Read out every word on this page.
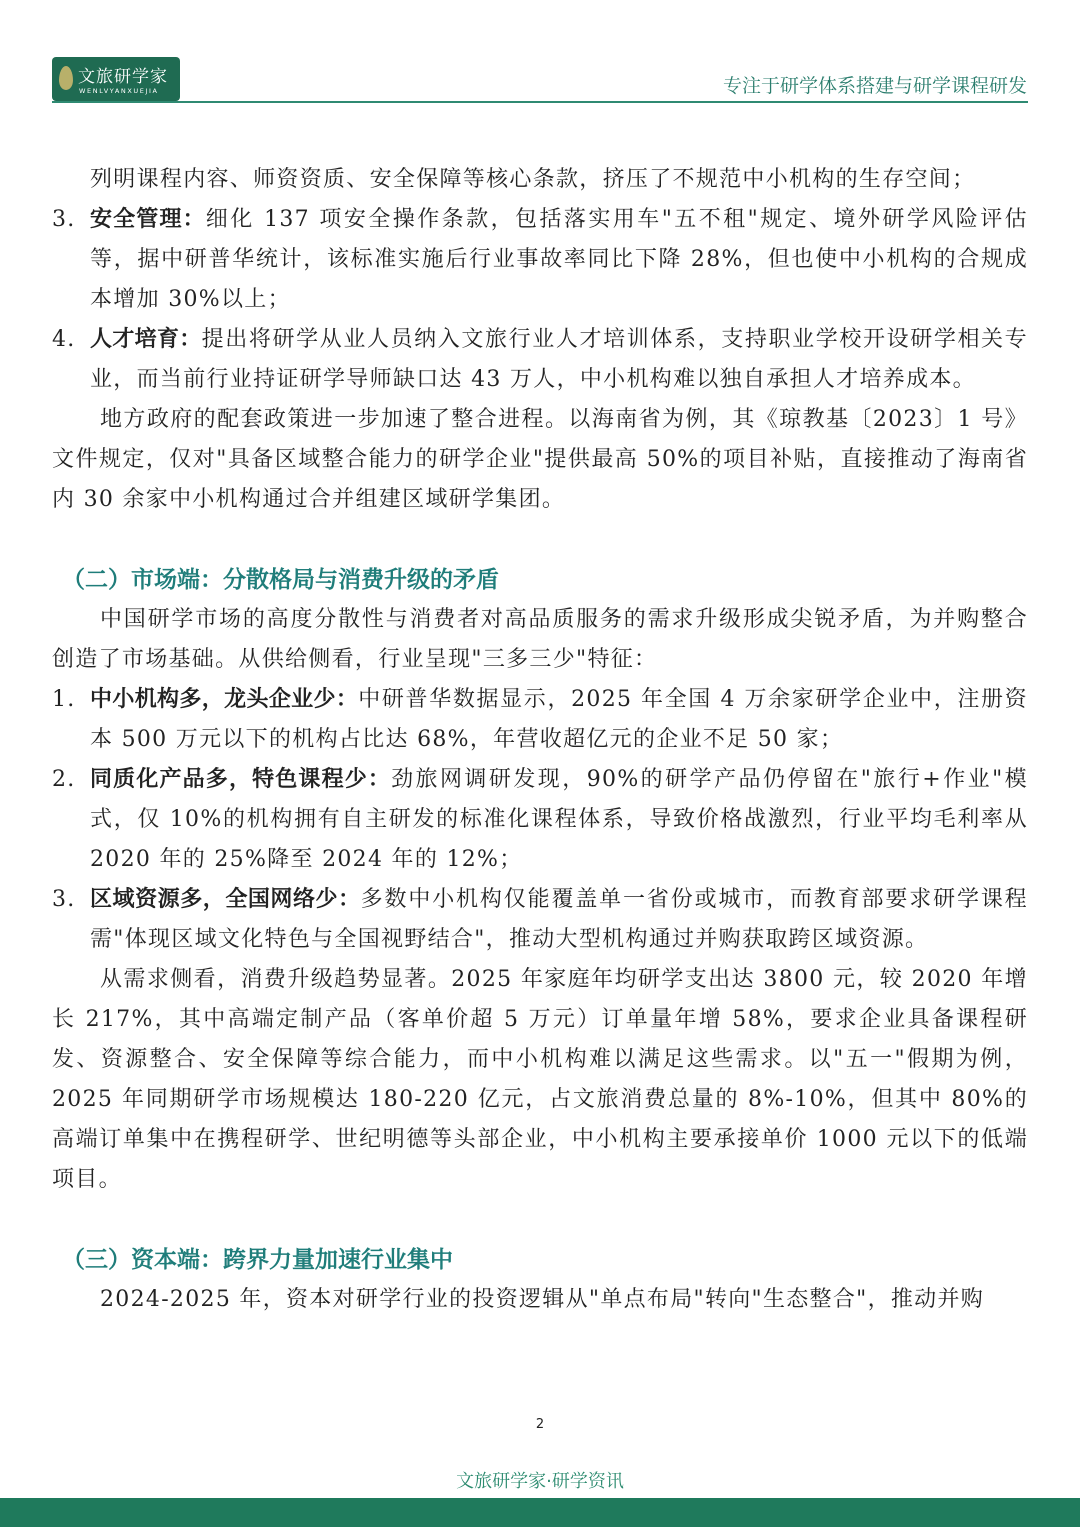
文旅研学家
WENLVYANXUEJIA	专注于研学体系搭建与研学课程研发

列明课程内容、师资资质、安全保障等核心条款，挤压了不规范中小机构的生存空间；

3. 安全管理：细化 137 项安全操作条款，包括落实用车"五不租"规定、境外研学风险评估等，据中研普华统计，该标准实施后行业事故率同比下降 28%，但也使中小机构的合规成本增加 30%以上；

4. 人才培育：提出将研学从业人员纳入文旅行业人才培训体系，支持职业学校开设研学相关专业，而当前行业持证研学导师缺口达 43 万人，中小机构难以独自承担人才培养成本。

地方政府的配套政策进一步加速了整合进程。以海南省为例，其《琼教基〔2023〕1 号》文件规定，仅对"具备区域整合能力的研学企业"提供最高 50%的项目补贴，直接推动了海南省内 30 余家中小机构通过合并组建区域研学集团。

（二）市场端：分散格局与消费升级的矛盾

中国研学市场的高度分散性与消费者对高品质服务的需求升级形成尖锐矛盾，为并购整合创造了市场基础。从供给侧看，行业呈现"三多三少"特征：

1. 中小机构多，龙头企业少：中研普华数据显示，2025 年全国 4 万余家研学企业中，注册资本 500 万元以下的机构占比达 68%，年营收超亿元的企业不足 50 家；

2. 同质化产品多，特色课程少：劲旅网调研发现，90%的研学产品仍停留在"旅行+作业"模式，仅 10%的机构拥有自主研发的标准化课程体系，导致价格战激烈，行业平均毛利率从 2020 年的 25%降至 2024 年的 12%；

3. 区域资源多，全国网络少：多数中小机构仅能覆盖单一省份或城市，而教育部要求研学课程需"体现区域文化特色与全国视野结合"，推动大型机构通过并购获取跨区域资源。

从需求侧看，消费升级趋势显著。2025 年家庭年均研学支出达 3800 元，较 2020 年增长 217%，其中高端定制产品（客单价超 5 万元）订单量年增 58%，要求企业具备课程研发、资源整合、安全保障等综合能力，而中小机构难以满足这些需求。以"五一"假期为例，2025 年同期研学市场规模达 180-220 亿元，占文旅消费总量的 8%-10%，但其中 80%的高端订单集中在携程研学、世纪明德等头部企业，中小机构主要承接单价 1000 元以下的低端项目。

（三）资本端：跨界力量加速行业集中

2024-2025 年，资本对研学行业的投资逻辑从"单点布局"转向"生态整合"，推动并购

2
文旅研学家·研学资讯
